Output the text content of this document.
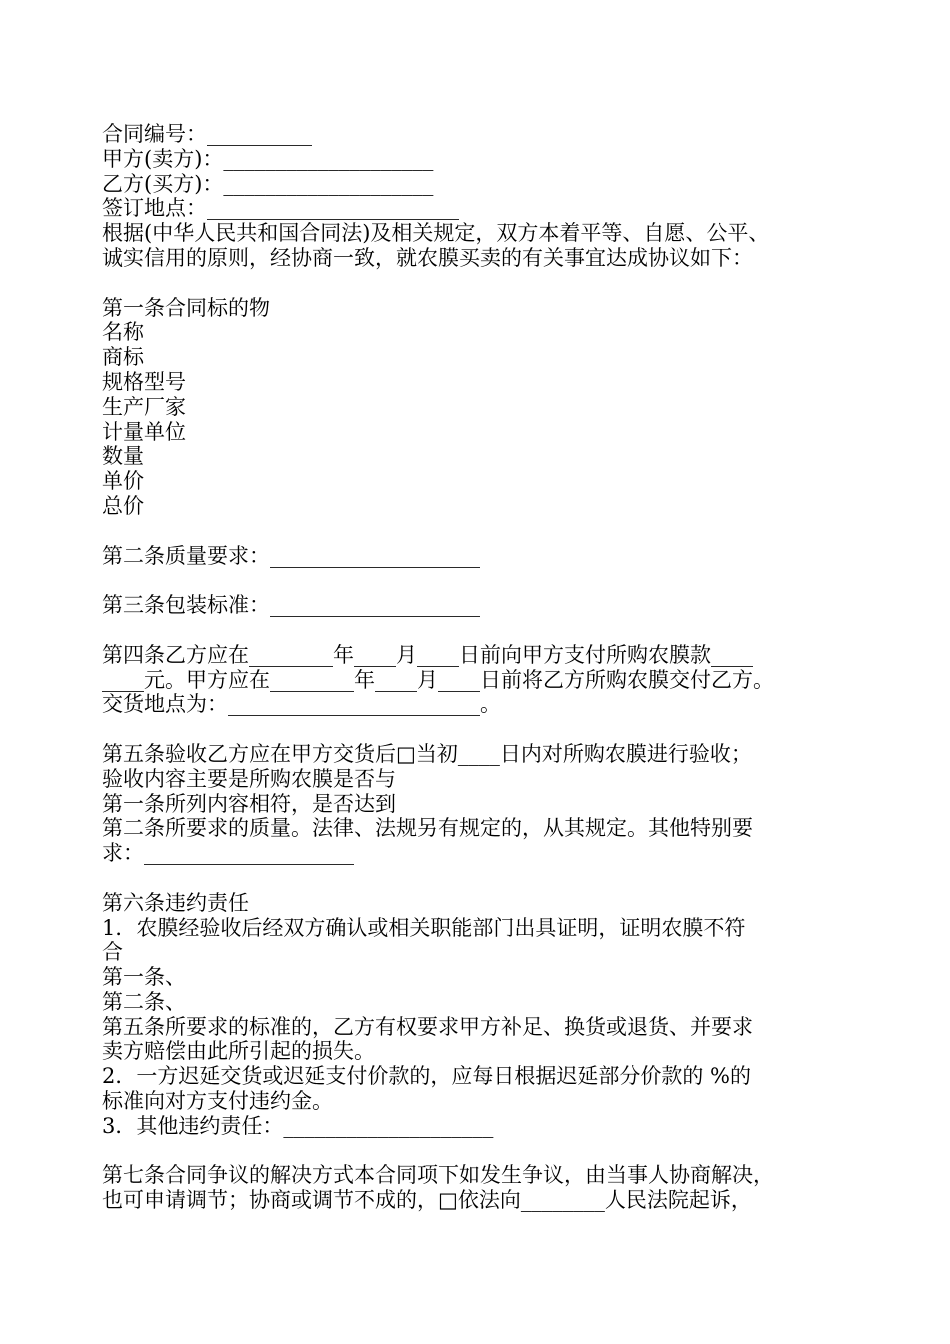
合同编号：__________
甲方(卖方)：____________________
乙方(买方)：____________________
签订地点：________________________
根据(中华人民共和国合同法)及相关规定，双方本着平等、自愿、公平、
诚实信用的原则，经协商一致，就农膜买卖的有关事宜达成协议如下：
第一条合同标的物
名称
商标
规格型号
生产厂家
计量单位
数量
单价
总价
第二条质量要求：____________________
第三条包装标准：____________________
第四条乙方应在________年____月____日前向甲方支付所购农膜款____
____元。甲方应在________年____月____日前将乙方所购农膜交付乙方。
交货地点为：________________________。
第五条验收乙方应在甲方交货后□当初____日内对所购农膜进行验收；
验收内容主要是所购农膜是否与
第一条所列内容相符，是否达到
第二条所要求的质量。法律、法规另有规定的，从其规定。其他特别要
求：____________________
第六条违约责任
1．农膜经验收后经双方确认或相关职能部门出具证明，证明农膜不符
合
第一条、
第二条、
第五条所要求的标准的，乙方有权要求甲方补足、换货或退货、并要求
卖方赔偿由此所引起的损失。
2．一方迟延交货或迟延支付价款的，应每日根据迟延部分价款的 %的
标准向对方支付违约金。
3．其他违约责任：____________________
第七条合同争议的解决方式本合同项下如发生争议，由当事人协商解决，
也可申请调节；协商或调节不成的，□依法向________人民法院起诉，
